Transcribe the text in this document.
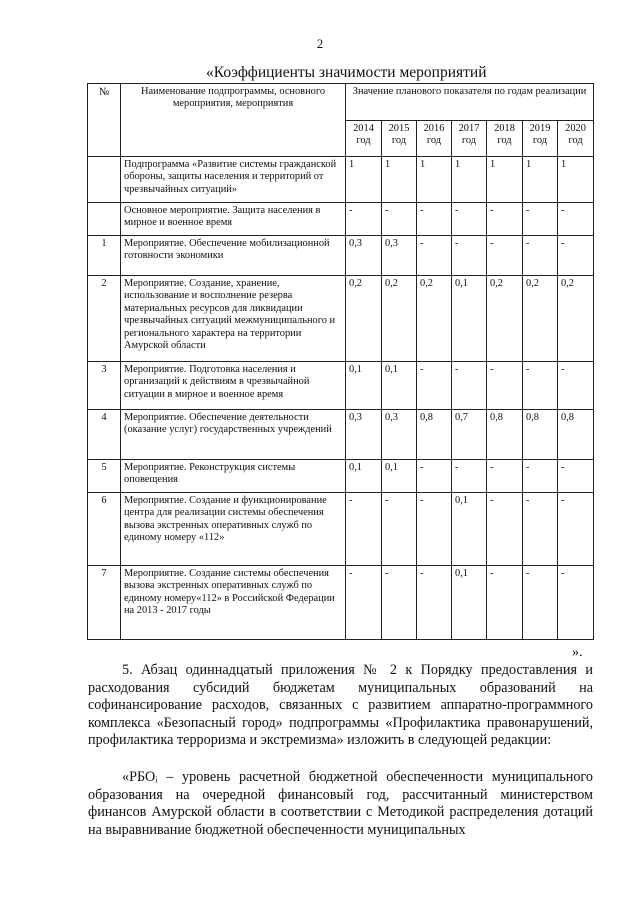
2
«Коэффициенты значимости мероприятий
№	Наименование подпрограммы, основного мероприятия, мероприятия	Значение планового показателя по годам реализации						
		2014 год	2015 год	2016 год	2017 год	2018 год	2019 год	2020 год
	Подпрограмма «Развитие системы гражданской обороны, защиты населения и территорий от чрезвычайных ситуаций»	1	1	1	1	1	1	1
	Основное мероприятие. Защита населения в мирное и военное время	-	-	-	-	-	-	-
1	Мероприятие. Обеспечение мобилизационной готовности экономики	0,3	0,3	-	-	-	-	-
2	Мероприятие. Создание, хранение, использование и восполнение резерва материальных ресурсов для ликвидации чрезвычайных ситуаций межмуниципального и регионального характера на территории Амурской области	0,2	0,2	0,2	0,1	0,2	0,2	0,2
3	Мероприятие. Подготовка населения и организаций к действиям в чрезвычайной ситуации в мирное и военное время	0,1	0,1	-	-	-	-	-
4	Мероприятие. Обеспечение деятельности (оказание услуг) государственных учреждений	0,3	0,3	0,8	0,7	0,8	0,8	0,8
5	Мероприятие. Реконструкция системы оповещения	0,1	0,1	-	-	-	-	-
6	Мероприятие. Создание и функционирование центра для реализации системы обеспечения вызова экстренных оперативных служб по единому номеру «112»	-	-	-	0,1	-	-	-
7	Мероприятие. Создание системы обеспечения вызова экстренных оперативных служб по единому номеру«112» в Российской Федерации на 2013 - 2017 годы	-	-	-	0,1	-	-	-
».

5. Абзац одиннадцатый приложения № 2 к Порядку предоставления и расходования субсидий бюджетам муниципальных образований на софинансирование расходов, связанных с развитием аппаратно-программного комплекса «Безопасный город» подпрограммы «Профилактика правонарушений, профилактика терроризма и экстремизма» изложить в следующей редакции:

«РБОᵢ – уровень расчетной бюджетной обеспеченности муниципального образования на очередной финансовый год, рассчитанный министерством финансов Амурской области в соответствии с Методикой распределения дотаций на выравнивание бюджетной обеспеченности муниципальных
